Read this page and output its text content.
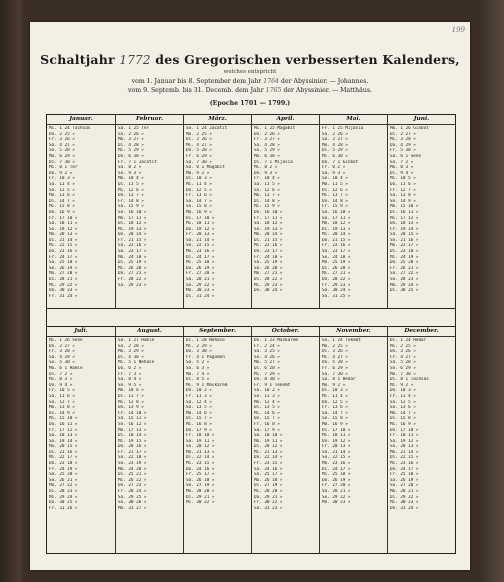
199
Schaltjahr 1772 des Gregorischen verbesserten Kalenders,
welches entspricht
vom 1. Januar bis 8. September dem Jahr 1764 der Abyssinier. — Johannes.
vom 9. Septemb. bis 31. Decemb. dem Jahr 1765 der Abyssinier. — Matthäus.
(Epoche 1701 — 1799.)
Januar.
Mi. 1 24 Tachsas
Do. 2 25 »
Fr. 3 26 »
Sa. 4 27 »
So. 5 28 »
Mo. 6 29 »
Di. 7 30 »
Mi. 8 1 Ter
Do. 9 2 »
Fr. 10 3 »
Sa. 11 4 »
So. 12 5 »
Mo. 13 6 »
Di. 14 7 »
Mi. 15 8 »
Do. 16 9 »
Fr. 17 10 »
Sa. 18 11 »
So. 19 12 »
Mo. 20 13 »
Di. 21 14 »
Mi. 22 15 »
Do. 23 16 »
Fr. 24 17 »
Sa. 25 18 »
So. 26 19 »
Mo. 27 20 »
Di. 28 21 »
Mi. 29 22 »
Do. 30 23 »
Fr. 31 24 »
Februar.
Sa. 1 25 Ter
So. 2 26 »
Mo. 3 27 »
Di. 4 28 »
Mi. 5 29 »
Do. 6 30 »
Fr. 7 1 Jacatit
Sa. 8 2 »
So. 9 3 »
Mo. 10 4 »
Di. 11 5 »
Mi. 12 6 »
Do. 13 7 »
Fr. 14 8 »
Sa. 15 9 »
So. 16 10 »
Mo. 17 11 »
Di. 18 12 »
Mi. 19 13 »
Do. 20 14 »
Fr. 21 15 »
Sa. 22 16 »
So. 23 17 »
Mo. 24 18 »
Di. 25 19 »
Mi. 26 20 »
Do. 27 21 »
Fr. 28 22 »
Sa. 29 23 »
März.
So. 1 24 Jacatit
Mo. 2 25 »
Di. 3 26 »
Mi. 4 27 »
Do. 5 28 »
Fr. 6 29 »
Sa. 7 30 »
So. 8 1 Magabit
Mo. 9 2 »
Di. 10 3 »
Mi. 11 4 »
Do. 12 5 »
Fr. 13 6 »
Sa. 14 7 »
So. 15 8 »
Mo. 16 9 »
Di. 17 10 »
Mi. 18 11 »
Do. 19 12 »
Fr. 20 13 »
Sa. 21 14 »
So. 22 15 »
Mo. 23 16 »
Di. 24 17 »
Mi. 25 18 »
Do. 26 19 »
Fr. 27 20 »
Sa. 28 21 »
So. 29 22 »
Mo. 30 23 »
Di. 31 24 »
April.
Mi. 1 25 Magabit
Do. 2 26 »
Fr. 3 27 »
Sa. 4 28 »
So. 5 29 »
Mo. 6 30 »
Di. 7 1 Mijasia
Mi. 8 2 »
Do. 9 3 »
Fr. 10 4 »
Sa. 11 5 »
So. 12 6 »
Mo. 13 7 »
Di. 14 8 »
Mi. 15 9 »
Do. 16 10 »
Fr. 17 11 »
Sa. 18 12 »
So. 19 13 »
Mo. 20 14 »
Di. 21 15 »
Mi. 22 16 »
Do. 23 17 »
Fr. 24 18 »
Sa. 25 19 »
So. 26 20 »
Mo. 27 21 »
Di. 28 22 »
Mi. 29 23 »
Do. 30 24 »
Mai.
Fr. 1 25 Mijasia
Sa. 2 26 »
So. 3 27 »
Mo. 4 28 »
Di. 5 29 »
Mi. 6 30 »
Do. 7 1 Ginbot
Fr. 8 2 »
Sa. 9 3 »
So. 10 4 »
Mo. 11 5 »
Di. 12 6 »
Mi. 13 7 »
Do. 14 8 »
Fr. 15 9 »
Sa. 16 10 »
So. 17 11 »
Mo. 18 12 »
Di. 19 13 »
Mi. 20 14 »
Do. 21 15 »
Fr. 22 16 »
Sa. 23 17 »
So. 24 18 »
Mo. 25 19 »
Di. 26 20 »
Mi. 27 21 »
Do. 28 22 »
Fr. 29 23 »
Sa. 30 24 »
So. 31 25 »
Juni.
Mo. 1 26 Ginbot
Di. 2 27 »
Mi. 3 28 »
Do. 4 29 »
Fr. 5 30 »
Sa. 6 1 Sene
So. 7 2 »
Mo. 8 3 »
Di. 9 4 »
Mi. 10 5 »
Do. 11 6 »
Fr. 12 7 »
Sa. 13 8 »
So. 14 9 »
Mo. 15 10 »
Di. 16 11 »
Mi. 17 12 »
Do. 18 13 »
Fr. 19 14 »
Sa. 20 15 »
So. 21 16 »
Mo. 22 17 »
Di. 23 18 »
Mi. 24 19 »
Do. 25 20 »
Fr. 26 21 »
Sa. 27 22 »
So. 28 23 »
Mo. 29 24 »
Di. 30 25 »
Juli.
Mi. 1 26 Sene
Do. 2 27 »
Fr. 3 28 »
Sa. 4 29 »
So. 5 30 »
Mo. 6 1 Hamle
Di. 7 2 »
Mi. 8 3 »
Do. 9 4 »
Fr. 10 5 »
Sa. 11 6 »
So. 12 7 »
Mo. 13 8 »
Di. 14 9 »
Mi. 15 10 »
Do. 16 11 »
Fr. 17 12 »
Sa. 18 13 »
So. 19 14 »
Mo. 20 15 »
Di. 21 16 »
Mi. 22 17 »
Do. 23 18 »
Fr. 24 19 »
Sa. 25 20 »
So. 26 21 »
Mo. 27 22 »
Di. 28 23 »
Mi. 29 24 »
Do. 30 25 »
Fr. 31 26 »
August.
Sa. 1 27 Hamle
So. 2 28 »
Mo. 3 29 »
Di. 4 30 »
Mi. 5 1 Nehase
Do. 6 2 »
Fr. 7 3 »
Sa. 8 4 »
So. 9 5 »
Mo. 10 6 »
Di. 11 7 »
Mi. 12 8 »
Do. 13 9 »
Fr. 14 10 »
Sa. 15 11 »
So. 16 12 »
Mo. 17 13 »
Di. 18 14 »
Mi. 19 15 »
Do. 20 16 »
Fr. 21 17 »
Sa. 22 18 »
So. 23 19 »
Mo. 24 20 »
Di. 25 21 »
Mi. 26 22 »
Do. 27 23 »
Fr. 28 24 »
Sa. 29 25 »
So. 30 26 »
Mo. 31 27 »
September.
Di. 1 28 Nehase
Mi. 2 29 »
Do. 3 30 »
Fr. 4 1 Pagumen
Sa. 5 2 »
So. 6 3 »
Mo. 7 4 »
Di. 8 5 »
Mi. 9 1 Maskarem
Do. 10 2 »
Fr. 11 3 »
Sa. 12 4 »
So. 13 5 »
Mo. 14 6 »
Di. 15 7 »
Mi. 16 8 »
Do. 17 9 »
Fr. 18 10 »
Sa. 19 11 »
So. 20 12 »
Mo. 21 13 »
Di. 22 14 »
Mi. 23 15 »
Do. 24 16 »
Fr. 25 17 »
Sa. 26 18 »
So. 27 19 »
Mo. 28 20 »
Di. 29 21 »
Mi. 30 22 »
October.
Do. 1 23 Maskarem
Fr. 2 24 »
Sa. 3 25 »
So. 4 26 »
Mo. 5 27 »
Di. 6 28 »
Mi. 7 29 »
Do. 8 30 »
Fr. 9 1 Tekemt
Sa. 10 2 »
So. 11 3 »
Mo. 12 4 »
Di. 13 5 »
Mi. 14 6 »
Do. 15 7 »
Fr. 16 8 »
Sa. 17 9 »
So. 18 10 »
Mo. 19 11 »
Di. 20 12 »
Mi. 21 13 »
Do. 22 14 »
Fr. 23 15 »
Sa. 24 16 »
So. 25 17 »
Mo. 26 18 »
Di. 27 19 »
Mi. 28 20 »
Do. 29 21 »
Fr. 30 22 »
Sa. 31 23 »
November.
So. 1 24 Tekemt
Mo. 2 25 »
Di. 3 26 »
Mi. 4 27 »
Do. 5 28 »
Fr. 6 29 »
Sa. 7 30 »
So. 8 1 Hedar
Mo. 9 2 »
Di. 10 3 »
Mi. 11 4 »
Do. 12 5 »
Fr. 13 6 »
Sa. 14 7 »
So. 15 8 »
Mo. 16 9 »
Di. 17 10 »
Mi. 18 11 »
Do. 19 12 »
Fr. 20 13 »
Sa. 21 14 »
So. 22 15 »
Mo. 23 16 »
Di. 24 17 »
Mi. 25 18 »
Do. 26 19 »
Fr. 27 20 »
Sa. 28 21 »
So. 29 22 »
Mo. 30 23 »
December.
Di. 1 24 Hedar
Mi. 2 25 »
Do. 3 26 »
Fr. 4 27 »
Sa. 5 28 »
So. 6 29 »
Mo. 7 30 »
Di. 8 1 Tachsas
Mi. 9 2 »
Do. 10 3 »
Fr. 11 4 »
Sa. 12 5 »
So. 13 6 »
Mo. 14 7 »
Di. 15 8 »
Mi. 16 9 »
Do. 17 10 »
Fr. 18 11 »
Sa. 19 12 »
So. 20 13 »
Mo. 21 14 »
Di. 22 15 »
Mi. 23 16 »
Do. 24 17 »
Fr. 25 18 »
Sa. 26 19 »
So. 27 20 »
Mo. 28 21 »
Di. 29 22 »
Mi. 30 23 »
Do. 31 24 »
